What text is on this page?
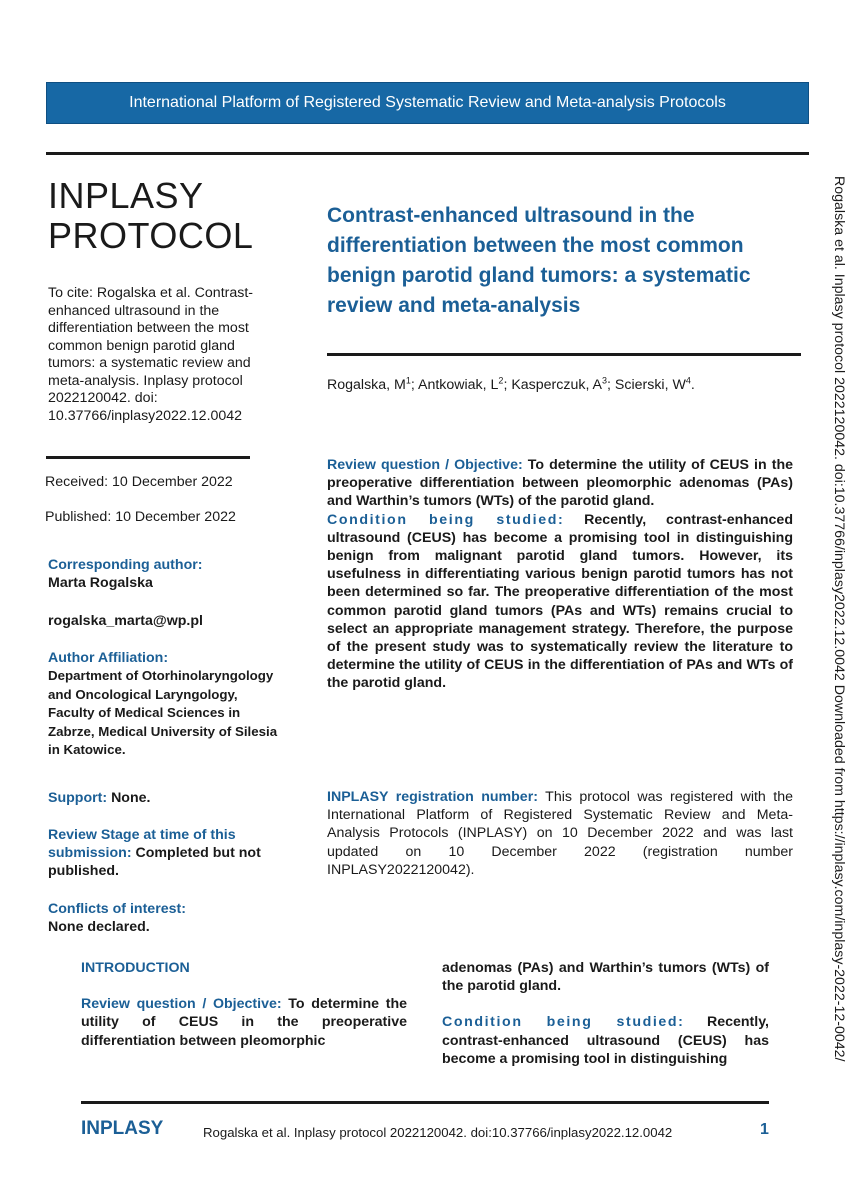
International Platform of Registered Systematic Review and Meta-analysis Protocols
INPLASY
PROTOCOL
To cite: Rogalska et al. Contrast-enhanced ultrasound in the differentiation between the most common benign parotid gland tumors: a systematic review and meta-analysis. Inplasy protocol 2022120042. doi: 10.37766/inplasy2022.12.0042
Received: 10 December 2022
Published: 10 December 2022
Corresponding author:
Marta Rogalska
rogalska_marta@wp.pl
Author Affiliation:
Department of Otorhinolaryngology and Oncological Laryngology, Faculty of Medical Sciences in Zabrze, Medical University of Silesia in Katowice.
Support: None.
Review Stage at time of this submission: Completed but not published.
Conflicts of interest:
None declared.
Contrast-enhanced ultrasound in the differentiation between the most common benign parotid gland tumors: a systematic review and meta-analysis
Rogalska, $M^1$; Antkowiak, $L^2$; Kasperczuk, $A^3$; Scierski, $W^4$.

Review question / Objective: To determine the utility of CEUS in the preoperative differentiation between pleomorphic adenomas (PAs) and Warthin’s tumors (WTs) of the parotid gland.

Condition being studied: Recently, contrast-enhanced ultrasound (CEUS) has become a promising tool in distinguishing benign from malignant parotid gland tumors. However, its usefulness in differentiating various benign parotid tumors has not been determined so far. The preoperative differentiation of the most common parotid gland tumors (PAs and WTs) remains crucial to select an appropriate management strategy. Therefore, the purpose of the present study was to systematically review the literature to determine the utility of CEUS in the differentiation of PAs and WTs of the parotid gland.

INPLASY registration number: This protocol was registered with the International Platform of Registered Systematic Review and Meta-Analysis Protocols (INPLASY) on 10 December 2022 and was last updated on 10 December 2022 (registration number INPLASY2022120042).
INTRODUCTION

Review question / Objective: To determine the utility of CEUS in the preoperative differentiation between pleomorphic

adenomas (PAs) and Warthin’s tumors (WTs) of the parotid gland.

Condition being studied: Recently, contrast-enhanced ultrasound (CEUS) has become a promising tool in distinguishing	Rogalska et al. Inplasy protocol 2022120042. doi:10.37766/inplasy2022.12.0042 Downloaded from https://inplasy.com/inplasy-2022-12-0042/
INPLASY	Rogalska et al. Inplasy protocol 2022120042. doi:10.37766/inplasy2022.12.0042	1
